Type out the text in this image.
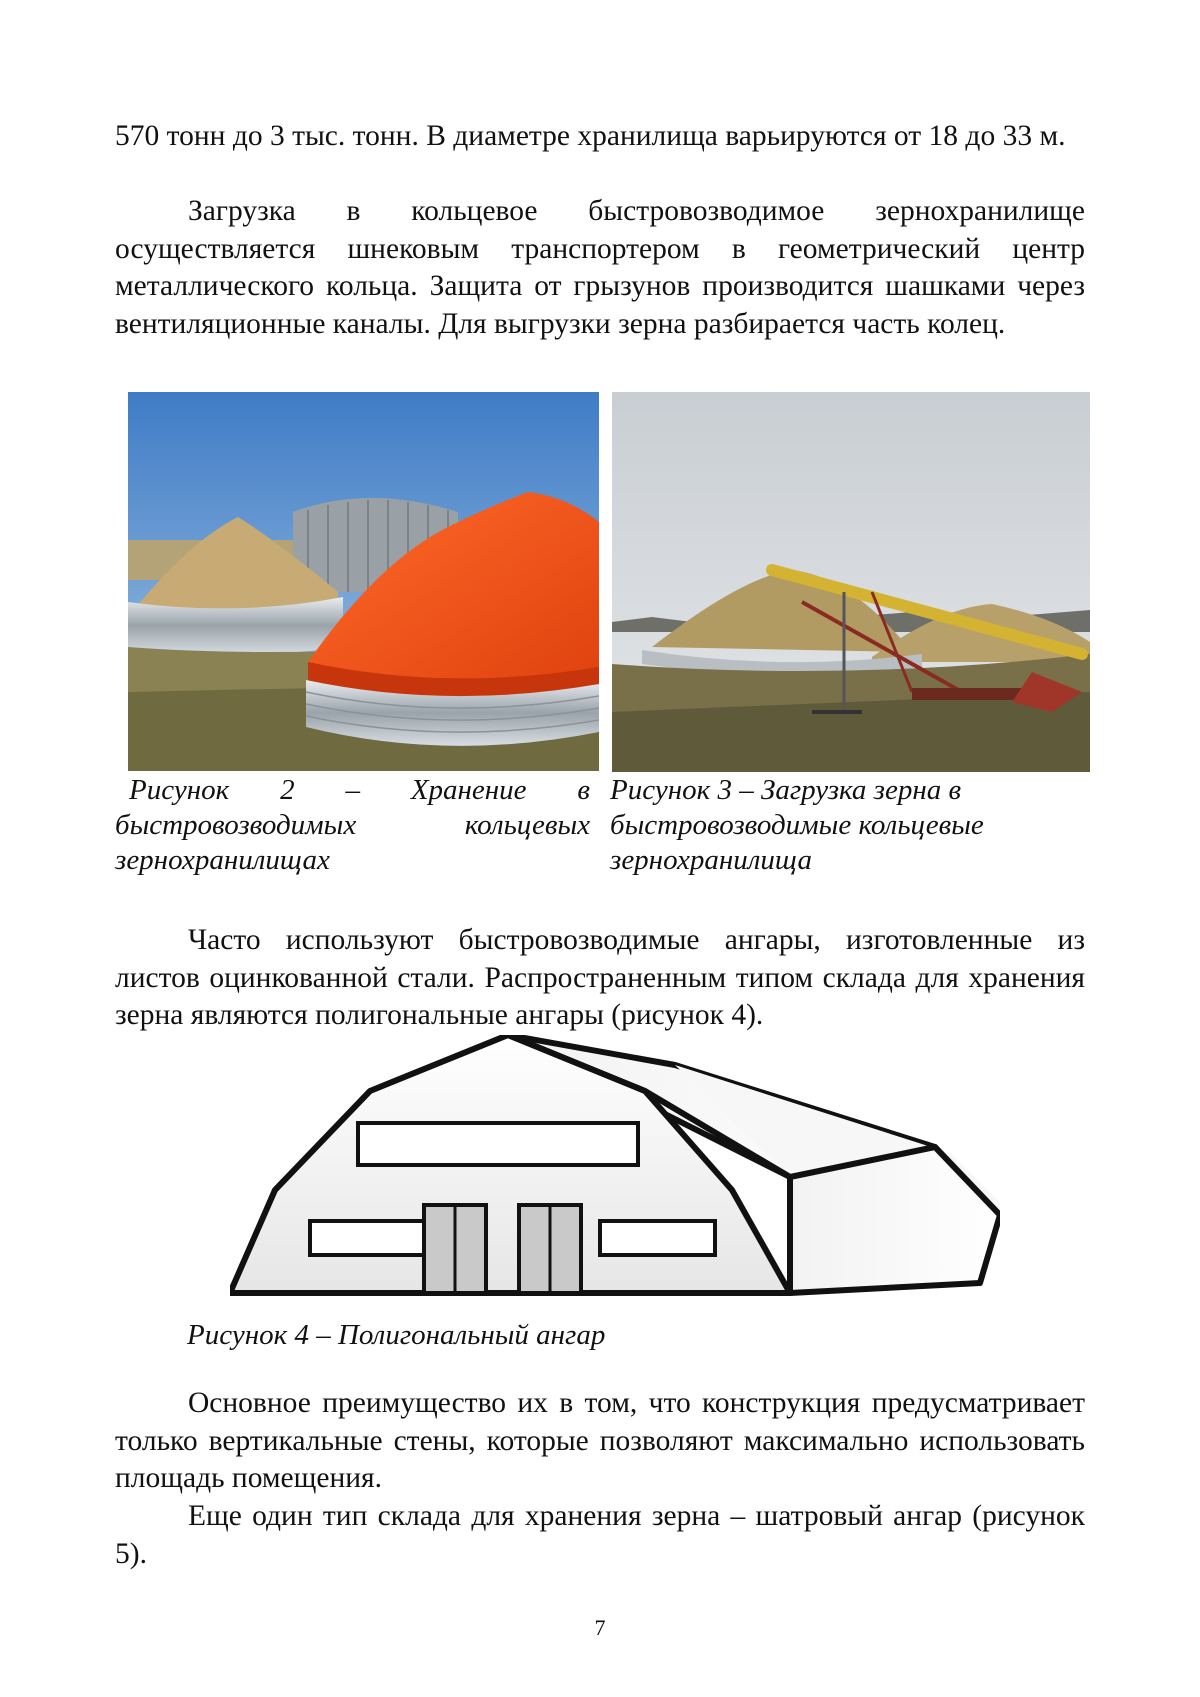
570 тонн до 3 тыс. тонн. В диаметре хранилища варьируются от 18 до 33 м.

Загрузка в кольцевое быстровозводимое зернохранилище осуществляется шнековым транспортером в геометрический центр металлического кольца. Защита от грызунов производится шашками через вентиляционные каналы. Для выгрузки зерна разбирается часть колец.

Рисунок 2 – Хранение в быстровозводимых кольцевых зернохранилищах

Рисунок 3 – Загрузка зерна в быстровозводимые кольцевые зернохранилища

Часто используют быстровозводимые ангары, изготовленные из листов оцинкованной стали. Распространенным типом склада для хранения зерна являются полигональные ангары (рисунок 4).

Рисунок 4 – Полигональный ангар

Основное преимущество их в том, что конструкция предусматривает только вертикальные стены, которые позволяют максимально использовать площадь помещения.

Еще один тип склада для хранения зерна – шатровый ангар (рисунок 5).

7
